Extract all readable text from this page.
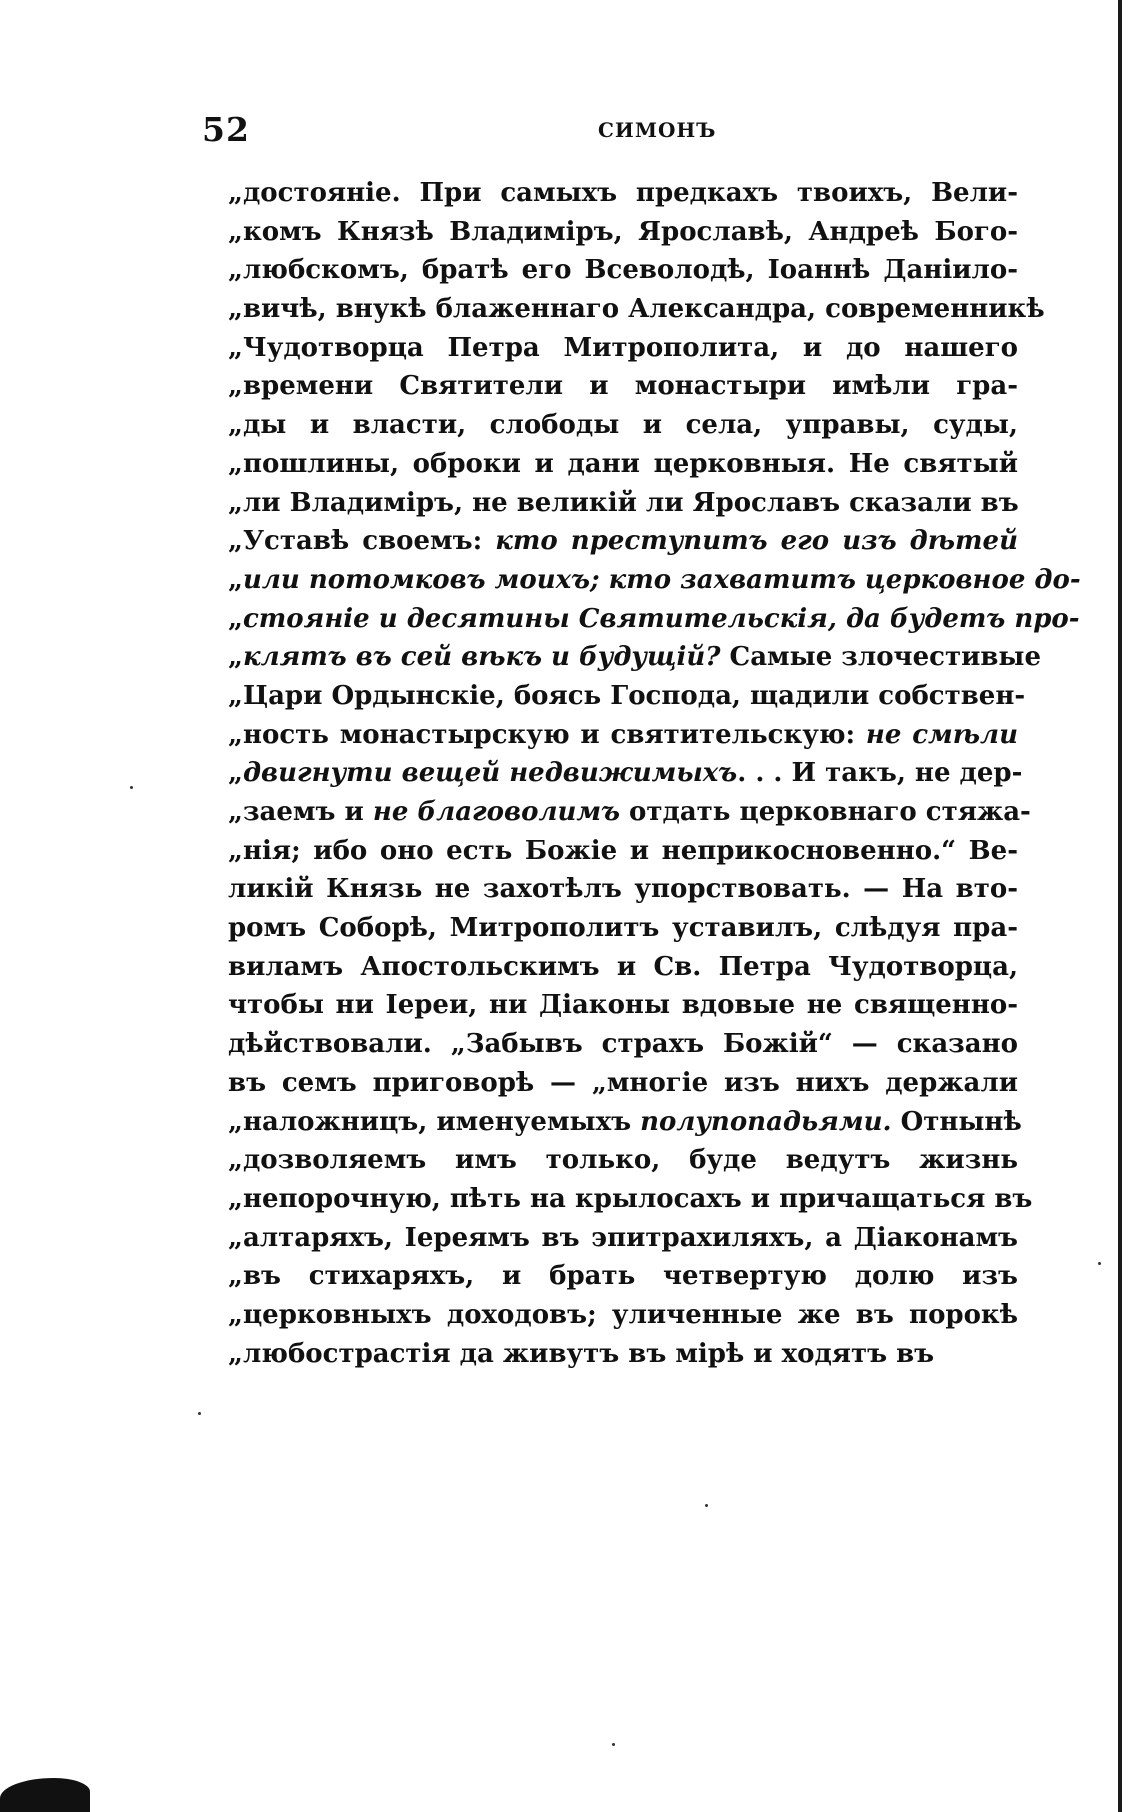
52	СИМОНЪ
„достояніе. При самыхъ предкахъ твоихъ, Вели-
„комъ Князѣ Владиміръ, Ярославѣ, Андреѣ Бого-
„любскомъ, братѣ его Всеволодѣ, Іоаннѣ Даніило-
„вичѣ, внукѣ блаженнаго Александра, современникѣ
„Чудотворца Петра Митрополита, и до нашего
„времени Святители и монастыри имѣли гра-
„ды и власти, слободы и села, управы, суды,
„пошлины, оброки и дани церковныя. Не святый
„ли Владиміръ, не великій ли Ярославъ сказали въ
„Уставѣ своемъ: кто преступитъ его изъ дѣтей
„или потомковъ моихъ; кто захватитъ церковное до-
„стояніе и десятины Святительскія, да будетъ про-
„клятъ въ сей вѣкъ и будущій? Самые злочестивые
„Цари Ордынскіе, боясь Господа, щадили собствен-
„ность монастырскую и святительскую: не смѣли
„двигнути вещей недвижимыхъ. . . И такъ, не дер-
„заемъ и не благоволимъ отдать церковнаго стяжа-
„нія; ибо оно есть Божіе и неприкосновенно.“ Ве-
ликій Князь не захотѣлъ упорствовать. — На вто-
ромъ Соборѣ, Митрополитъ уставилъ, слѣдуя пра-
виламъ Апостольскимъ и Св. Петра Чудотворца,
чтобы ни Іереи, ни Діаконы вдовые не священно-
дѣйствовали. „Забывъ страхъ Божій“ — сказано
въ семъ приговорѣ — „многіе изъ нихъ держали
„наложницъ, именуемыхъ полупопадьями. Отнынѣ
„дозволяемъ имъ только, буде ведутъ жизнь
„непорочную, пѣть на крылосахъ и причащаться въ
„алтаряхъ, Іереямъ въ эпитрахиляхъ, а Діаконамъ
„въ стихаряхъ, и брать четвертую долю изъ
„церковныхъ доходовъ; уличенные же въ порокѣ
„любострастія да живутъ въ мірѣ и ходятъ въ
